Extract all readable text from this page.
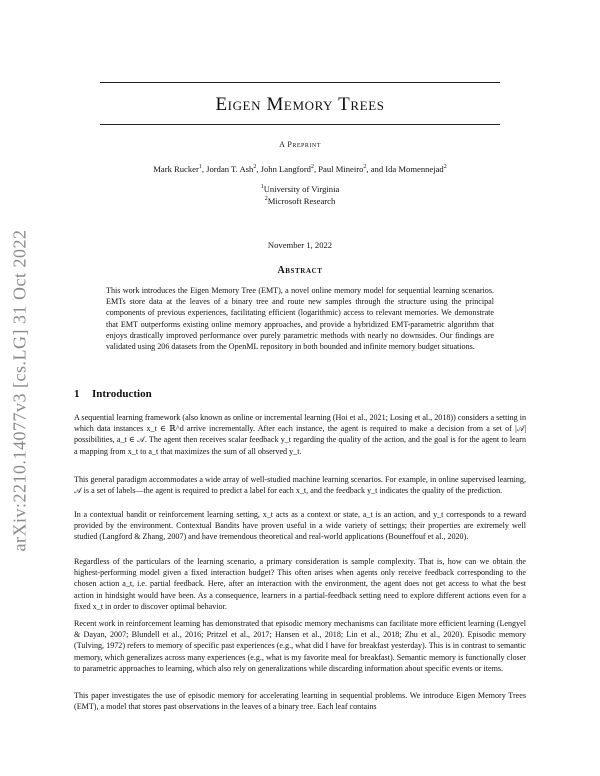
arXiv:2210.14077v3 [cs.LG] 31 Oct 2022
Eigen Memory Trees
A Preprint
Mark Rucker$^1$, Jordan T. Ash$^2$, John Langford$^2$, Paul Mineiro$^2$, and Ida Momennejad$^2$
$^1$University of Virginia
$^2$Microsoft Research
November 1, 2022
Abstract

This work introduces the Eigen Memory Tree (EMT), a novel online memory model for sequential learning scenarios. EMTs store data at the leaves of a binary tree and route new samples through the structure using the principal components of previous experiences, facilitating efficient (logarithmic) access to relevant memories. We demonstrate that EMT outperforms existing online memory approaches, and provide a hybridized EMT-parametric algorithm that enjoys drastically improved performance over purely parametric methods with nearly no downsides. Our findings are validated using 206 datasets from the OpenML repository in both bounded and infinite memory budget situations.

1 Introduction

A sequential learning framework (also known as online or incremental learning (Hoi et al., 2021; Losing et al., 2018)) considers a setting in which data instances x_t ∈ ℝ^d arrive incrementally. After each instance, the agent is required to make a decision from a set of |𝒜| possibilities, a_t ∈ 𝒜. The agent then receives scalar feedback y_t regarding the quality of the action, and the goal is for the agent to learn a mapping from x_t to a_t that maximizes the sum of all observed y_t.

This general paradigm accommodates a wide array of well-studied machine learning scenarios. For example, in online supervised learning, 𝒜 is a set of labels—the agent is required to predict a label for each x_t, and the feedback y_t indicates the quality of the prediction.

In a contextual bandit or reinforcement learning setting, x_t acts as a context or state, a_t is an action, and y_t corresponds to a reward provided by the environment. Contextual Bandits have proven useful in a wide variety of settings; their properties are extremely well studied (Langford & Zhang, 2007) and have tremendous theoretical and real-world applications (Bouneffouf et al., 2020).

Regardless of the particulars of the learning scenario, a primary consideration is sample complexity. That is, how can we obtain the highest-performing model given a fixed interaction budget? This often arises when agents only receive feedback corresponding to the chosen action a_t, i.e. partial feedback. Here, after an interaction with the environment, the agent does not get access to what the best action in hindsight would have been. As a consequence, learners in a partial-feedback setting need to explore different actions even for a fixed x_t in order to discover optimal behavior.

Recent work in reinforcement learning has demonstrated that episodic memory mechanisms can facilitate more efficient learning (Lengyel & Dayan, 2007; Blundell et al., 2016; Pritzel et al., 2017; Hansen et al., 2018; Lin et al., 2018; Zhu et al., 2020). Episodic memory (Tulving, 1972) refers to memory of specific past experiences (e.g., what did I have for breakfast yesterday). This is in contrast to semantic memory, which generalizes across many experiences (e.g., what is my favorite meal for breakfast). Semantic memory is functionally closer to parametric approaches to learning, which also rely on generalizations while discarding information about specific events or items.

This paper investigates the use of episodic memory for accelerating learning in sequential problems. We introduce Eigen Memory Trees (EMT), a model that stores past observations in the leaves of a binary tree. Each leaf contains
